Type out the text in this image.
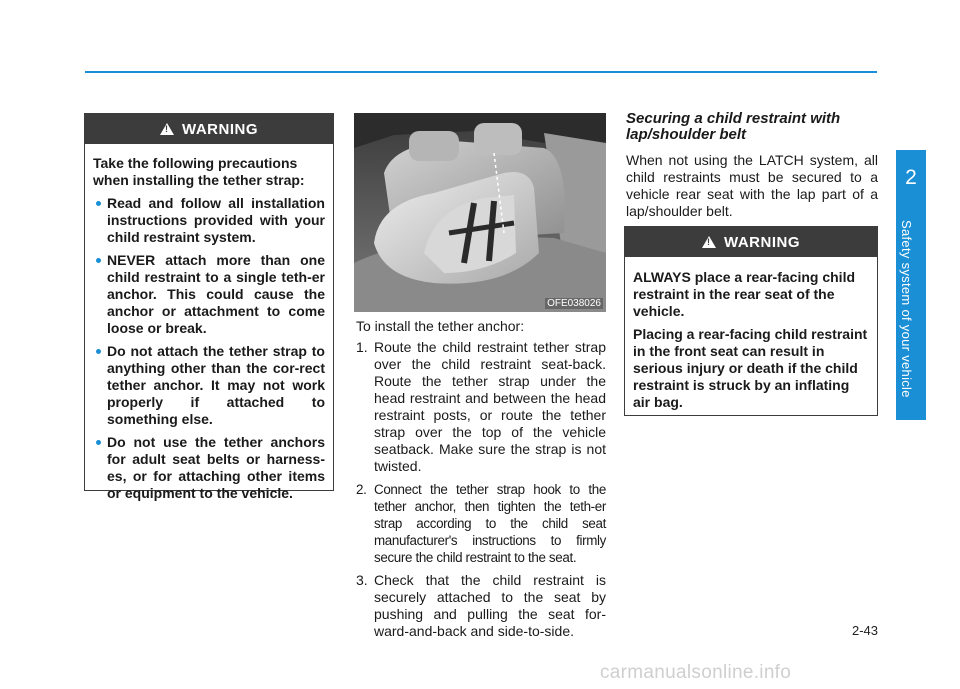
2
Safety system of your vehicle
!
WARNING

Take the following precautions when installing the tether strap:

Read and follow all installation instructions provided with your child restraint system.
NEVER attach more than one child restraint to a single teth-er anchor. This could cause the anchor or attachment to come loose or break.
Do not attach the tether strap to anything other than the cor-rect tether anchor. It may not work properly if attached to something else.
Do not use the tether anchors for adult seat belts or harness-es, or for attaching other items or equipment to the vehicle.
OFE038026
To install the tether anchor:
1. Route the child restraint tether strap over the child restraint seat-back. Route the tether strap under the head restraint and between the head restraint posts, or route the tether strap over the top of the vehicle seatback. Make sure the strap is not twisted.
2. Connect the tether strap hook to the tether anchor, then tighten the teth-er strap according to the child seat manufacturer's instructions to firmly secure the child restraint to the seat.
3. Check that the child restraint is securely attached to the seat by pushing and pulling the seat for-ward-and-back and side-to-side.
Securing a child restraint with lap/shoulder belt
When not using the LATCH system, all child restraints must be secured to a vehicle rear seat with the lap part of a lap/shoulder belt.
!
WARNING

ALWAYS place a rear-facing child restraint in the rear seat of the vehicle.

Placing a rear-facing child restraint in the front seat can result in serious injury or death if the child restraint is struck by an inflating air bag.

2-43
carmanualsonline.info
